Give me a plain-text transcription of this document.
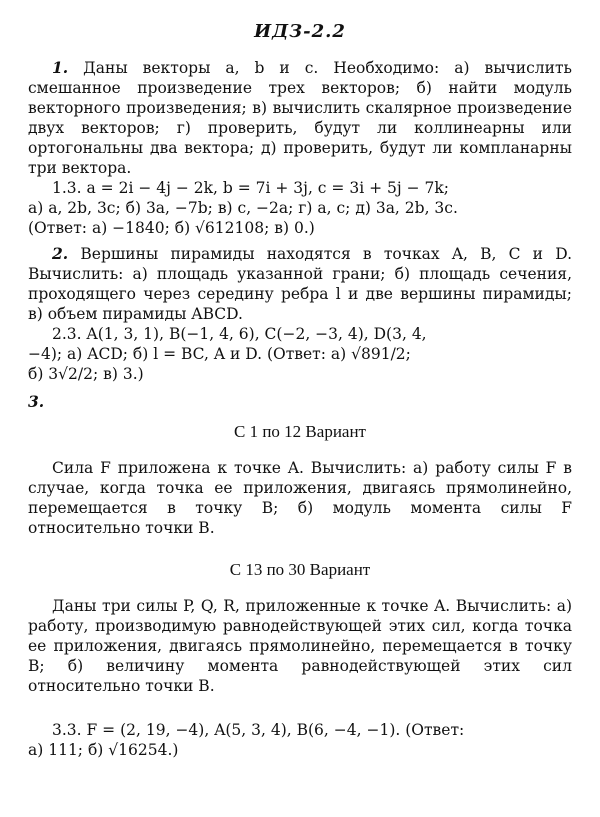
ИДЗ-2.2

1. Даны векторы a, b и c. Необходимо: а) вычислить смешанное произведение трех векторов; б) найти модуль векторного произведения; в) вычислить скалярное произведение двух векторов; г) проверить, будут ли коллинеарны или ортогональны два вектора; д) проверить, будут ли компланарны три вектора.

1.3. a = 2i − 4j − 2k, b = 7i + 3j, c = 3i + 5j − 7k;

а) a, 2b, 3c; б) 3a, −7b; в) c, −2a; г) a, c; д) 3a, 2b, 3c.

(Ответ: а) −1840; б) √612108; в) 0.)

2. Вершины пирамиды находятся в точках A, B, C и D. Вычислить: а) площадь указанной грани; б) площадь сечения, проходящего через середину ребра l и две вершины пирамиды; в) объем пирамиды ABCD.

2.3. A(1, 3, 1), B(−1, 4, 6), C(−2, −3, 4), D(3, 4,

−4); а) ACD; б) l = BC, A и D. (Ответ: а) √891/2;

б) 3√2/2; в) 3.)

3.
С 1 по 12 Вариант

Сила F приложена к точке A. Вычислить: а) работу силы F в случае, когда точка ее приложения, двигаясь прямолинейно, перемещается в точку B; б) модуль момента силы F относительно точки B.

С 13 по 30 Вариант

Даны три силы P, Q, R, приложенные к точке A. Вычислить: а) работу, производимую равнодействующей этих сил, когда точка ее приложения, двигаясь прямолинейно, перемещается в точку B; б) величину момента равнодействующей этих сил относительно точки B.

3.3. F = (2, 19, −4), A(5, 3, 4), B(6, −4, −1). (Ответ:

а) 111; б) √16254.)
